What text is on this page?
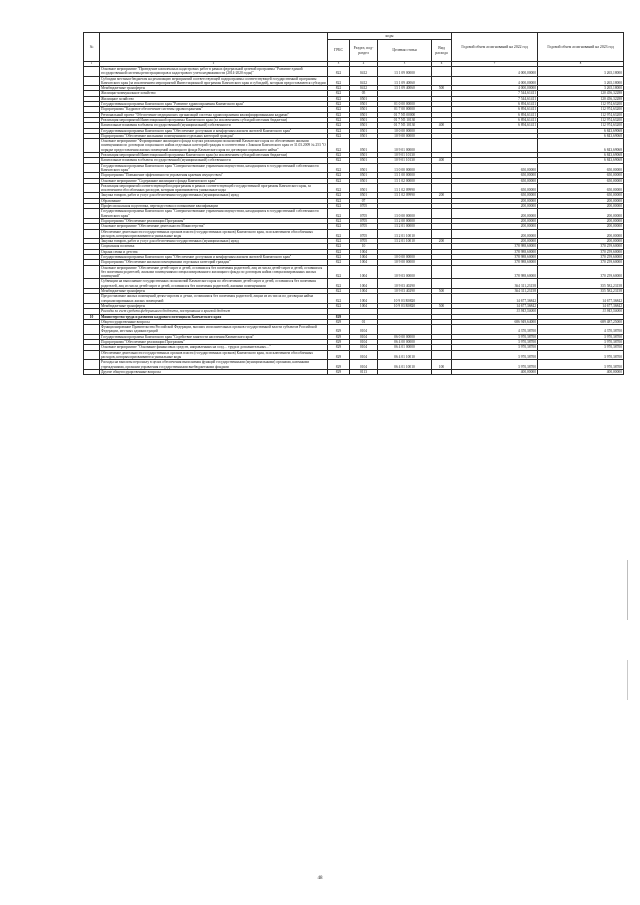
№		коды				Годовой объем ассигнований на 2022 год	Годовой объем ассигнований на 2023 год
		ГРБС	Раздел, под-раздел	Целевая статья	Вид расхода		
1	2	3	4	5	6	7	8
	Основное мероприятие "Проведение комплексных кадастровых работ в рамках федеральной целевой программы "Развитие единой государственной системы регистрации прав и кадастрового учета недвижимости (2014-2020 годы)"	822	0412	13 1 09 00000		4 000,00000	3 265,18000
	Субсидии местным бюджетам на реализацию мероприятий соответствующей подпрограммы соответствующей государственной программы Камчатского края (за исключением мероприятий Инвестиционной программы Камчатского края и субсидий), которым предоставляются субсидии	822	0412	13 1 09 40060		4 000,00000	3 265,18000
	Межбюджетные трансферты	822	0412	13 1 09 40060	500	4 000,00000	3 265,18000
	Жилищно-коммунальное хозяйство	822	05			7 544,61411	120 456,32288
	Жилищное хозяйство	822	0501			7 544,61411	120 456,32288
	Государственная программа Камчатского края "Развитие здравоохранения Камчатского края"	822	0501	01 0 00 00000		6 894,61411	112 974,63200
	Подпрограмма "Кадровое обеспечение системы здравоохранения"	822	0501	01 7 00 00000		6 894,61411	112 974,63200
	Региональный проект "Обеспечение медицинских организаций системы здравоохранения квалифицированными кадрами"	822	0501	01 7 N5 00000		6 894,61411	112 974,63200
	Реализация мероприятий Инвестиционной программы Камчатского края (за исключением субсидий местным бюджетам)	822	0501	01 7 N5 10130		6 894,61411	112 974,63200
	Капитальные вложения в объекты государственной (муниципальной) собственности	822	0501	01 7 N5 10130	400	6 894,61411	112 974,63200
	Государственная программа Камчатского края "Обеспечение доступным и комфортным жильем жителей Камчатского края"	822	0501	10 0 00 00000			6 843,69068
	Подпрограмма "Обеспечение жильными помещениями отдельных категорий граждан"	822	0501	10 9 00 00000			6 843,69068
	Основное мероприятие "Формирование жилищного фонда в целях реализации полномочий Камчатского края по обеспечению жилыми помещениями по договорам социального найма отдельных категорий граждан в соответствии с Законом Камчатского края от 31.03.2009 № 253 "О порядке предоставления жилых помещений жилищного фонда Камчатского края по договорам социального найма"	822	0501	10 9 01 00000			6 843,69068
	Реализация мероприятий Инвестиционной программы Камчатского края (за исключением субсидий местным бюджетам)	822	0501	10 9 01 10130			6 843,69068
	Капитальные вложения в объекты государственной (муниципальной) собственности	822	0501	10 9 01 10130	400		6 843,69068
	Государственная программа Камчатского края "Совершенствование управления имуществом, находящимся в государственной собственности Камчатского края"	822	0501	13 0 00 00000		650,00000	650,00000
	Подпрограмма "Повышение эффективности управления краевым имуществом"	822	0501	13 1 00 00000		650,00000	650,00000
	Основное мероприятие "Содержание жилищного фонда Камчатского края"	822	0501	13 1 02 00000		650,00000	650,00000
	Реализация мероприятий соответствующей подпрограммы в рамках соответствующей государственной программы Камчатского края, за исключением обособленных расходов, которым присваиваются уникальные коды	822	0501	13 1 02 09990		650,00000	650,00000
	Закупка товаров, работ и услуг для обеспечения государственных (муниципальных) нужд	822	0501	13 1 02 09990	200	650,00000	650,00000
	Образование	822	07			200,00000	200,00000
	Профессиональная подготовка, переподготовка и повышение квалификации	822	0705			200,00000	200,00000
	Государственная программа Камчатского края "Совершенствование управления имуществом, находящимся в государственной собственности Камчатского края"	822	0705	13 0 00 00000		200,00000	200,00000
	Подпрограмма "Обеспечение реализации Программы"	822	0705	13 2 00 00000		200,00000	200,00000
	Основное мероприятие "Обеспечение деятельности Министерства"	822	0705	13 2 01 00000		200,00000	200,00000
	Обеспечение деятельности государственных органов власти (государственных органов) Камчатского края, за исключением обособленных расходов, которым присваиваются уникальные коды	822	0705	13 2 01 10010		200,00000	200,00000
	Закупка товаров, работ и услуг для обеспечения государственных (муниципальных) нужд	822	0705	13 2 01 10010	200	200,00000	200,00000
	Социальная политика	822	10			378 988,60000	370 259,60000
	Охрана семьи и детства	822	1004			378 988,60000	370 259,60000
	Государственная программа Камчатского края "Обеспечение доступным и комфортным жильем жителей Камчатского края"	822	1004	10 0 00 00000		378 988,60000	370 259,60000
	Подпрограмма "Обеспечение жилыми помещениями отдельных категорий граждан"	822	1004	10 9 00 00000		378 988,60000	370 259,60000
	Основное мероприятие "Обеспечение детей-сирот и детей, оставшихся без попечения родителей, лиц из числа детей-сирот и детей, оставшихся без попечения родителей, жилыми помещениями специализированного жилищного фонда по договорам найма специализированных жилых помещений"	822	1004	10 9 03 00000		378 988,60000	370 259,60000
	Субвенции на выполнение государственных полномочий Камчатского края по обеспечению детей-сирот и детей, оставшихся без попечения родителей, лиц из числа детей-сирот и детей, оставшихся без попечения родителей, жилыми помещениями	822	1004	10 9 03 40290		364 311,23158	355 582,23158
	Межбюджетные трансферты	822	1004	10 9 03 40290	500	364 311,23158	355 582,23158
	Предоставление жилых помещений детям-сиротам и детям, оставшимся без попечения родителей, лицам из их числа по договорам найма специализированных жилых помещений	822	1004	10 9 03 R0820		14 677,36842	14 677,36842
	Межбюджетные трансферты	822	1004	10 9 03 R0820	500	14 677,36842	14 677,36842
	Расходы за счет средств федерального бюджета, поступивших в краевой бюджет					13 943,50000	13 943,50000
10	Министерство труда и развития кадрового потенциала Камчатского края	829					
	Общегосударственные вопросы	829	01			686 949,64000	689 487,25000
	Функционирование Правительства Российской Федерации, высших исполнительных органов государственной власти субъектов Российской Федерации, местных администраций	829	0104			4 370,38700	4 370,38700
	Государственная программа Камчатского края "Содействие занятости населения Камчатского края"	829	0104	06 0 00 00000		3 970,38700	3 970,38700
	Подпрограмма "Обеспечение реализации Программы"	829	0104	06 4 00 00000		3 970,38700	3 970,38700
	Основное мероприятие "Основание финансовых средств, направленных на созд… труда и дополнительных…"	829	0104	06 4 01 00000		3 970,38700	3 970,38700
	Обеспечение деятельности государственных органов власти (государственных органов) Камчатского края, за исключением обособленных расходов, которым присваиваются уникальные коды	829	0104	06 4 01 10010		3 970,38700	3 970,38700
	Расходы на выплаты персоналу в целях обеспечения выполнения функций государственными (муниципальными) органами, казенными учреждениями, органами управления государственными внебюджетными фондами	829	0104	06 4 01 10010	100	3 970,38700	3 970,38700
	Другие общегосударственные вопросы	829	0113			400,00000	400,00000
48
